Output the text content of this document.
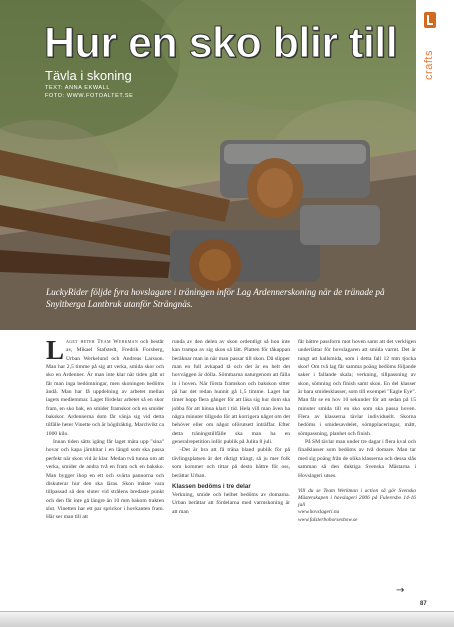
Hur en sko blir till
Tävla i skoning
TEXT: ANNA EKWALL
FOTO: WWW.FOTOALTET.SE
LuckyRider följde fyra hovslagare i träningen inför Lag Ardennerskoning när de tränade på Snyltberga Lantbruk utanför Strängnäs.
crafts

Laget heter Team Werkman och består av, Mikael Stafstedt, Fredrik Forsberg, Urban Werkelund och Andreas Larsson. Man har 2,5 timme på sig att verka, smida skor och sko en Ardenner. Är man inte klar när tiden gått ut får man inga bedömningar, men skoningen bedöms ändå. Man har få uppdelning av arbetet mellan lagets medlemmar. Laget fördelar arbetet så en skor fram, en sko bak, en smider framskor och en smider bakskor. Ardennerna dom får vänja sig vid detta tilfälle heter Vinette och är högdräktig. Marchvikt ca 1000 kilo.

Innan tiden sätts igång får laget mäta upp "sina" hovar och kapa järnbitar i en längd som ska passa perfekt när skon vid är klar. Medan två tunna om att verka, smider de andra två en fram och en baksko. Man bygger ihop en ett och svärta pannorna och diskuterar hur den ska läras. Skon måste vara tillpassad så den sluter vid strålens bredaste punkt och den får inte gå längre än 10 mm bakom trakten slut. Vinetten har ett par sprickor i hovkanten fram. Här ser man till att

runda av den delen av skon ordentligt så hon inte kan trampa av sig skon så lätt. Platten för tåkappan beräknar man in när man passar till skon. Då slipper man en full avkapad tå och det är en helt det hovväggen är dölla. Sömmarna naturgenom att fälla in i hoven. När första framskon och bakskon sitter på har det redan hunnit gå 1,5 timme. Laget har timer hopp flera gånger för att läsa sig hur dom ska jobba för att hinna klart i tid. Hela vill man även ha några minuter tillgodo för att korrigera något om det behöver eller om något oförutsett inträffar. Efter detta träningstillfälle ska man ha en generalrepetition inför publik på Julita 8 juli.

–Det är bra att få träna bland publik för på tävlingsplatsen är det riktigt trängt, så ju mer folk som kommer och tittar på desto bättre för oss, berättar Urban.

Klassen bedöms i tre delar

Verkning, smide och helhet bedöms av domarna. Urban berättar att fördelarna med varmskoning är att man

får bättre passform mot hoven samt att det verkligen underlättar för hovslagaren att smida varmt. Det är tungt att hallsmida, som i detta fall 12 mm tjocka skor! Om två lag får samma poäng bedöms följande saker i fallande skala; verkning, tillpassning av skon, sömning och finish samt skon. En del klasser är bara smidesklasser, som till exempel "Eagle Eye". Man får se en hov 10 sekunder för att sedan på 15 minuter smida till en sko som ska passa hoven. Flera av klasserna tävlar individuellt. Skorna bedöms i smidesavdelet, sömpplaceringar, mått, sömpassning, planhet och finish.

På SM tävlar man under tre dagar i flera kval och finalklasser som bedöms av två domare. Man tar med sig poäng från de olika klasserna och dessa slås samman så den duktiga Svenska Mästarna i Hovslageri utses.

Vill du se Team Werkman i action så gör Svenska Mästerskapen i hovslageri 2006 på Fuleresbo 14-16 juli
www.hovslageri.nu
www.falsterbohorseshow.se
→
87
